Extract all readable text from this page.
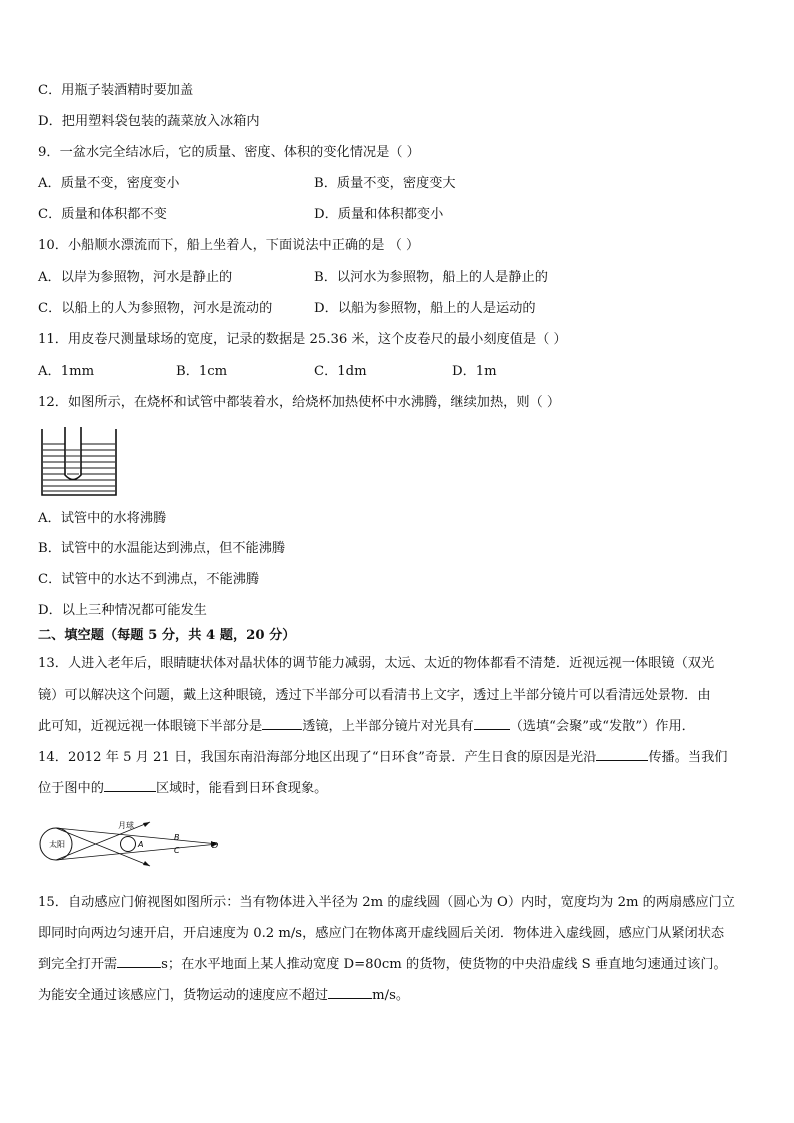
C．用瓶子装酒精时要加盖
D．把用塑料袋包装的蔬菜放入冰箱内
9．一盆水完全结冰后，它的质量、密度、体积的变化情况是（ ）
A．质量不变，密度变小	B．质量不变，密度变大
C．质量和体积都不变	D．质量和体积都变小
10．小船顺水漂流而下，船上坐着人，下面说法中正确的是 （ ）
A．以岸为参照物，河水是静止的	B．以河水为参照物，船上的人是静止的
C．以船上的人为参照物，河水是流动的	D．以船为参照物，船上的人是运动的
11．用皮卷尺测量球场的宽度，记录的数据是 25.36 米，这个皮卷尺的最小刻度值是（ ）
A．1mm	B．1cm	C．1dm	D．1m
12．如图所示，在烧杯和试管中都装着水，给烧杯加热使杯中水沸腾，继续加热，则（ ）
A．试管中的水将沸腾
B．试管中的水温能达到沸点，但不能沸腾
C．试管中的水达不到沸点，不能沸腾
D．以上三种情况都可能发生
二、填空题（每题 5 分，共 4 题，20 分）
13．人进入老年后，眼睛睫状体对晶状体的调节能力减弱，太远、太近的物体都看不清楚．近视远视一体眼镜（双光
镜）可以解决这个问题，戴上这种眼镜，透过下半部分可以看清书上文字，透过上半部分镜片可以看清远处景物．由
此可知，近视远视一体眼镜下半部分是	透镜，上半部分镜片对光具有	（选填“会聚”或“发散”）作用．
14．2012 年 5 月 21 日，我国东南沿海部分地区出现了“日环食”奇景．产生日食的原因是光沿	传播。当我们
位于图中的	区域时，能看到日环食现象。
太阳
月球
A
B
C
D
15．自动感应门俯视图如图所示：当有物体进入半径为 2m 的虚线圆（圆心为 O）内时，宽度均为 2m 的两扇感应门立
即同时向两边匀速开启，开启速度为 0.2 m/s，感应门在物体离开虚线圆后关闭．物体进入虚线圆，感应门从紧闭状态
到完全打开需	s；在水平地面上某人推动宽度 D=80cm 的货物，使货物的中央沿虚线 S 垂直地匀速通过该门。
为能安全通过该感应门，货物运动的速度应不超过	m/s。
